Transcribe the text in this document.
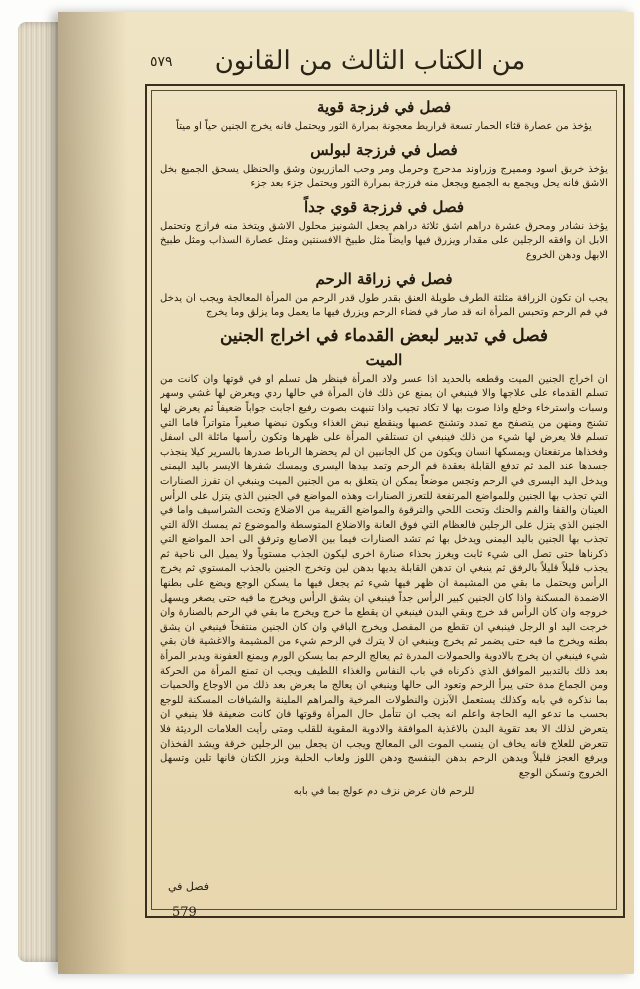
من الكتاب الثالث من القانون
٥٧٩
فصل في فرزجة قوية
يؤخذ من عصارة قثاء الحمار تسعة قراريط معجونة بمرارة الثور ويحتمل فانه يخرج الجنين حياً او ميتاً
فصل في فرزجة لبولس
يؤخذ خربق اسود ومميرج وزراوند مدحرج وحرمل ومر وحب المازريون وشق والحنظل يسحق الجميع بخل الاشق فانه يحل ويجمع به الجميع ويجعل منه فرزجة بمرارة الثور ويحتمل جزء بعد جزء
فصل في فرزجة قوي جداً
يؤخذ نشادر ومحرق عشرة دراهم اشق ثلاثة دراهم يجعل الشونيز محلول الاشق ويتخذ منه فرازج وتحتمل الابل ان وافقه الرجلين على مقدار ويزرق فيها وايضاً مثل طبيخ الافسنتين ومثل عصارة السذاب ومثل طبيخ الابهل ودهن الخروع
فصل في زراقة الرحم
يجب ان تكون الزراقة مثلثة الطرف طويلة العنق بقدر طول قدر الرحم من المرأة المعالجة ويجب ان يدخل في فم الرحم وتحبس المرأة انه قد صار في فضاء الرحم ويزرق فيها ما يعمل وما يزلق وما يخرج
فصل في تدبير لبعض القدماء في اخراج الجنين
الميت
ان اخراج الجنين الميت وقطعه بالحديد اذا عسر ولاد المرأة فينظر هل تسلم او في قوتها وان كانت من تسلم القدماء على علاجها والا فينبغي ان يمنع عن ذلك فان المرأة في حالها ردي ويعرض لها غشي وسهر وسبات واسترخاء وخلع واذا صوت بها لا تكاد تجيب واذا تنبهت بصوت رفيع اجابت جواباً ضعيفاً ثم يعرض لها تشنج ومنهن من يتصفح مع تمدد وتشنج عصبها وينقطع نبض الغذاء ويكون نبضها صغيراً متواتراً فاما التي تسلم فلا يعرض لها شيء من ذلك فينبغي ان تستلقي المرأة على ظهرها وتكون رأسها مائلة الى اسفل وفخذاها مرتفعتان ويمسكها انسان ويكون من كل الجانبين ان لم يحضرها الرباط صدرها بالسرير كيلا ينجذب جسدها عند المد ثم تدفع القابلة بعقدة فم الرحم وتمد بيدها اليسرى ويمسك شفرها الايسر باليد اليمنى ويدخل اليد اليسرى في الرحم وتجس موضعاً يمكن ان يتعلق به من الجنين الميت وينبغي ان تفرز الصنارات التي تجذب بها الجنين وللمواضع المرتفعة للتعرز الصنارات وهذه المواضع في الجنين الذي يتزل على الرأس العينان والقفا والفم والحنك وتحت اللحي والترقوة والمواضع القريبة من الاضلاع وتحت الشراسيف واما في الجنين الذي يتزل على الرجلين فالعظام التي فوق العانة والاضلاع المتوسطة والموضوع ثم يمسك الآلة التي تجذب بها الجنين باليد اليمنى ويدخل بها ثم تشد الصنارات فيما بين الاصابع وترفق الى احد المواضع التي ذكرناها حتى تصل الى شيء ثابت ويغرز بحذاء صنارة اخرى ليكون الجذب مستوياً ولا يميل الى ناحية ثم يجذب قليلاً قليلاً بالرفق ثم ينبغي ان تدهن القابلة يديها بدهن لين وتخرج الجنين بالجذب المستوي ثم يخرج الرأس ويحتمل ما بقي من المشيمة ان ظهر فيها شيء ثم يجعل فيها ما يسكن الوجع ويضع على بطنها الاضمدة المسكنة واذا كان الجنين كبير الرأس جداً فينبغي ان يشق الرأس ويخرج ما فيه حتى يصغر ويسهل خروجه وان كان الرأس قد خرج وبقي البدن فينبغي ان يقطع ما خرج ويخرج ما بقي في الرحم بالصنارة وان خرجت اليد او الرجل فينبغي ان تقطع من المفصل ويخرج الباقي وان كان الجنين منتفخاً فينبغي ان يشق بطنه ويخرج ما فيه حتى يضمر ثم يخرج وينبغي ان لا يترك في الرحم شيء من المشيمة والاغشية فان بقي شيء فينبغي ان يخرج بالادوية والحمولات المدرة ثم يعالج الرحم بما يسكن الورم ويمنع العفونة ويدبر المرأة بعد ذلك بالتدبير الموافق الذي ذكرناه في باب النفاس والغذاء اللطيف ويجب ان تمنع المرأة من الحركة ومن الجماع مدة حتى يبرأ الرحم وتعود الى حالها وينبغي ان يعالج ما يعرض بعد ذلك من الاوجاع والحميات بما نذكره في بابه وكذلك يستعمل الآبزن والنطولات المرخية والمراهم الملينة والشيافات المسكنة للوجع بحسب ما تدعو اليه الحاجة واعلم انه يجب ان تتأمل حال المرأة وقوتها فان كانت ضعيفة فلا ينبغي ان يتعرض لذلك الا بعد تقوية البدن بالاغذية الموافقة والادوية المقوية للقلب ومتى رأيت العلامات الرديئة فلا تتعرض للعلاج فانه يخاف ان ينسب الموت الى المعالج ويجب ان يجعل بين الرجلين خرقة ويشد الفخذان ويرفع العجز قليلاً ويدهن الرحم بدهن البنفسج ودهن اللوز ولعاب الحلبة وبزر الكتان فانها تلين وتسهل الخروج وتسكن الوجع
للرحم فان عرض نزف دم عولج بما في بابه
فصل في
579
